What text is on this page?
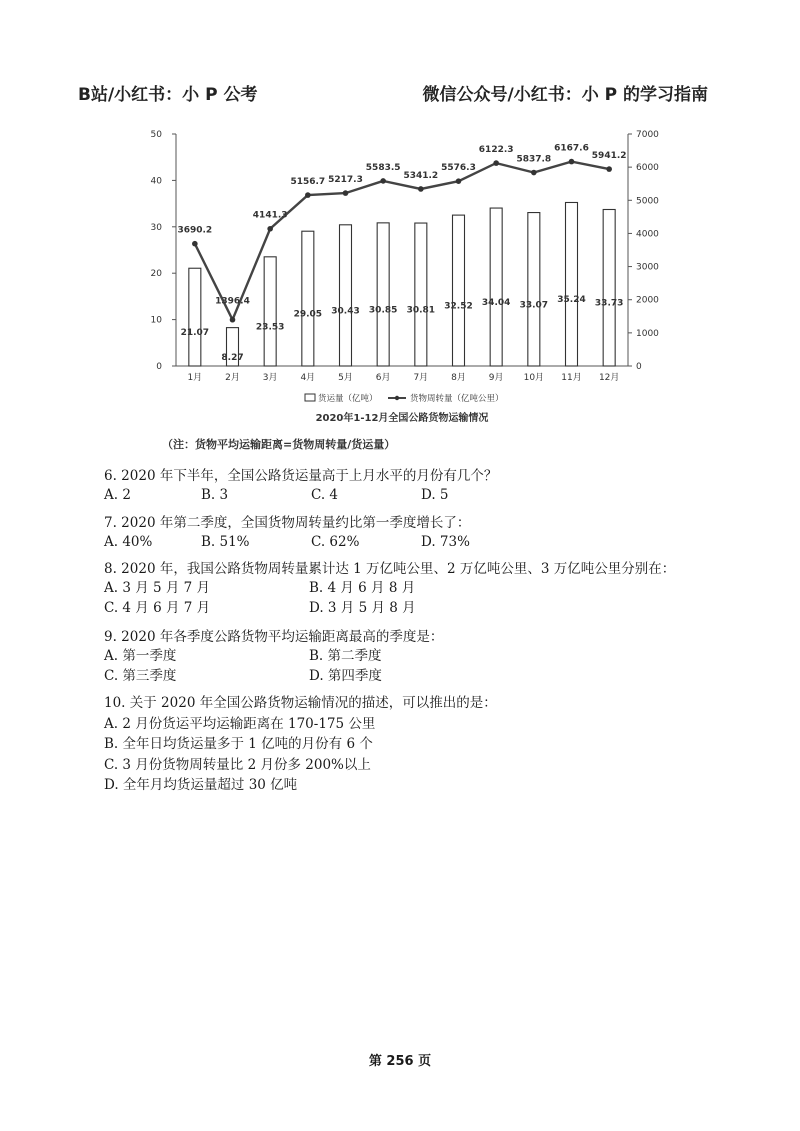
B站/小红书：小 P 公考	微信公众号/小红书：小 P 的学习指南
0
10
20
30
40
50
0
1000
2000
3000
4000
5000
6000
7000
1月	2月	3月	4月	5月	6月	7月	8月	9月 10月 11月 12月
21.07
8.27
23.53
29.05 30.43 30.85 30.81 32.52 34.04 33.07
35.24 33.73
3690.2
1396.4
4141.3
5156.7 5217.3
5583.5
5341.2
5576.3
6122.3
5837.8
6167.6
5941.2
货运量（亿吨）	货物周转量（亿吨公里）
2020年1-12月全国公路货物运输情况
（注：货物平均运输距离=货物周转量/货运量）
6. 2020 年下半年，全国公路货运量高于上月水平的月份有几个？
A. 2	B. 3	C. 4	D. 5
7. 2020 年第二季度，全国货物周转量约比第一季度增长了：
A. 40%	B. 51%	C. 62%	D. 73%
8. 2020 年，我国公路货物周转量累计达 1 万亿吨公里、2 万亿吨公里、3 万亿吨公里分别在：
A. 3 月 5 月 7 月	B. 4 月 6 月 8 月
C. 4 月 6 月 7 月	D. 3 月 5 月 8 月
9. 2020 年各季度公路货物平均运输距离最高的季度是：
A. 第一季度	B. 第二季度
C. 第三季度	D. 第四季度
10. 关于 2020 年全国公路货物运输情况的描述，可以推出的是：
A. 2 月份货运平均运输距离在 170-175 公里
B. 全年日均货运量多于 1 亿吨的月份有 6 个
C. 3 月份货物周转量比 2 月份多 200%以上
D. 全年月均货运量超过 30 亿吨
第 256 页
